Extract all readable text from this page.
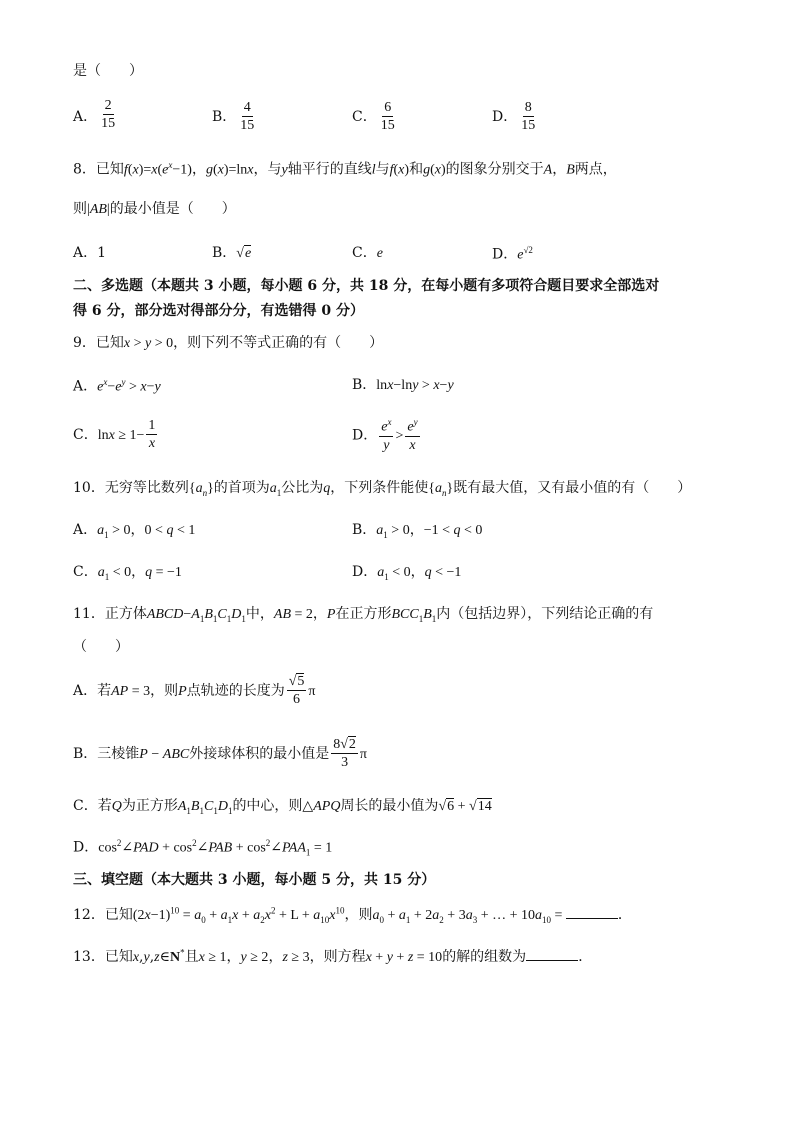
是（　　）
A． $\frac{2}{15}$	B． $\frac{4}{15}$	C． $\frac{6}{15}$	D． $\frac{8}{15}$
8．已知$f(x)=x(e^x-1)$，g(x)=lnx，与y轴平行的直线l与f(x)和g(x)的图象分别交于A，B两点，
则|AB|的最小值是（　　）
A．1	B．√e	C．e	D．$e^{√2}$
二、多选题（本题共 3 小题，每小题 6 分，共 18 分，在每小题有多项符合题目要求全部选对
得 6 分，部分选对得部分分，有选错得 0 分）
9．已知x > y > 0，则下列不等式正确的有（　　）
A．$e^x-e^y > x-y$	B．lnx−lny > x−y
C．$\ln x \ge 1- \frac{1}{x}$	D． $\frac{e^x}{y} > \frac{e^y}{x}$
10．无穷等比数列$\{a_n\}$的首项为$a_1$公比为q，下列条件能使$\{a_n\}$既有最大值，又有最小值的有（　　）
A．$a_1 > 0$，0 < q < 1	B．$a_1 > 0$，−1 < q < 0
C．$a_1 < 0$，q = −1	D．$a_1 < 0$，q < −1
11．正方体$ABCD-A_1B_1C_1D_1$中，AB = 2，P在正方形$BCC_1B_1$内（包括边界），下列结论正确的有
（　　）
A．若AP = 3，则P点轨迹的长度为 $\frac{√5}{6}$ π
B．三棱锥P − ABC外接球体积的最小值是 $\frac{8√2}{3}$ π
C．若Q为正方形$A_1B_1C_1D_1$的中心，则△APQ周长的最小值为√6 + √14
D．$\cos^2\angle PAD$ + $\cos^2\angle PAB$ + $\cos^2\angle PAA_1 = 1$
三、填空题（本大题共 3 小题，每小题 5 分，共 15 分）
12．已知$(2x-1)^{10} = a_0 + a_1x + a_2x^2 + L + a_{10}x^{10}$，则$a_0 + a_1 + 2a_2 + 3a_3$ + … + $10a_{10}$ =	．
13．已知x,y,z∈N*且x ≥ 1，y ≥ 2，z ≥ 3，则方程x + y + z = 10的解的组数为	．
